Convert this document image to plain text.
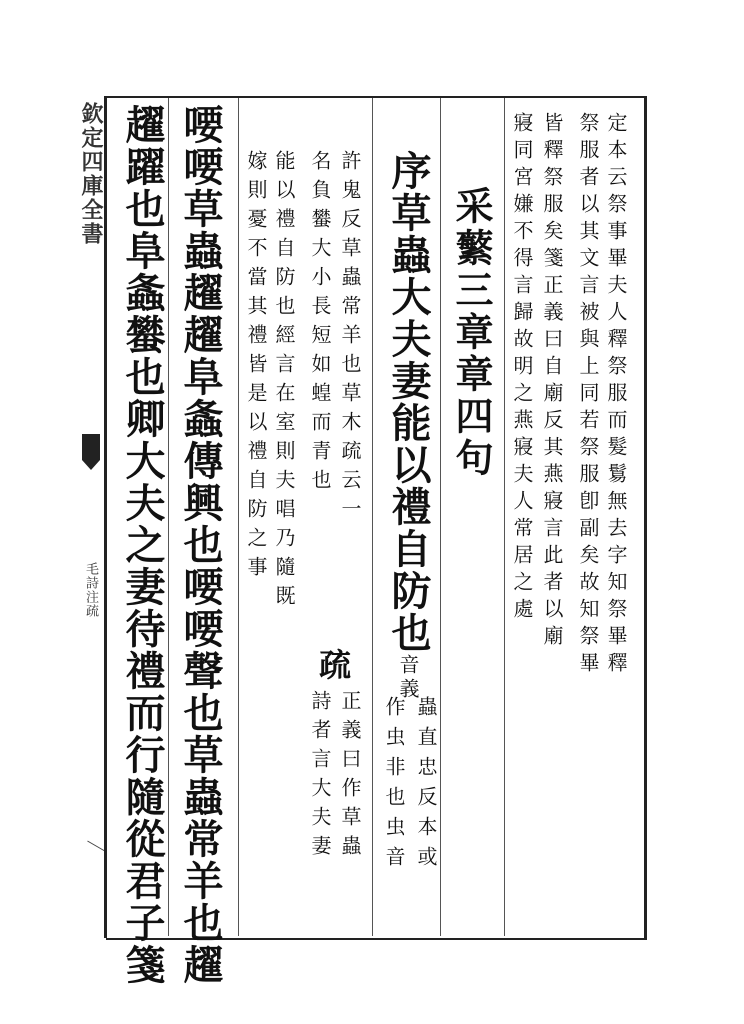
欽定四庫全書
毛詩注疏	定本云祭事畢夫人釋祭服而髮鬄無去字知祭畢釋
祭服者以其文言被與上同若祭服卽副矣故知祭畢
皆釋祭服矣箋正義曰自廟反其燕寢言此者以廟
寢同宮嫌不得言歸故明之燕寢夫人常居之處
采蘩三章章四句
序草蟲大夫妻能以禮自防也音義
蟲直忠反本或
作虫非也虫音
許鬼反草蟲常羊也草木疏云一
名負蠜大小長短如蝗而青也
疏
正義曰作草蟲
詩者言大夫妻
能以禮自防也經言在室則夫唱乃隨既
嫁則憂不當其禮皆是以禮自防之事
喓喓草蟲趯趯阜螽傳興也喓喓聲也草蟲常羊也趯
趯躍也阜螽蠜也卿大夫之妻待禮而行隨從君子箋
